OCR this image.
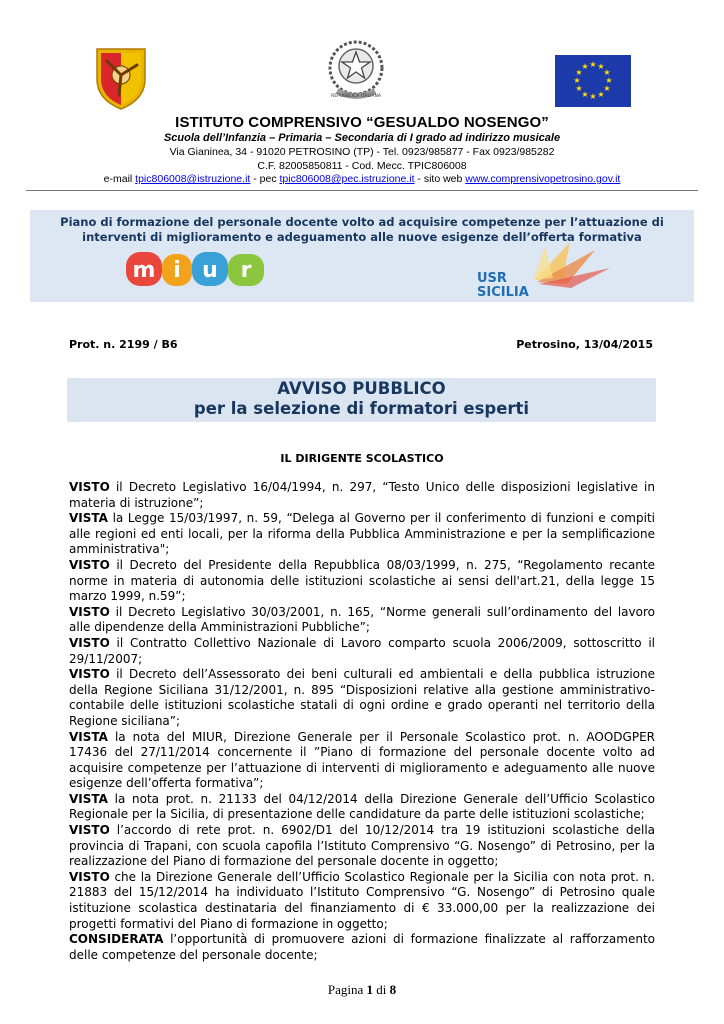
REPUBBLICA ITALIANA
★ ★
★
★
★
★
★
★
★
★
★
★
ISTITUTO COMPRENSIVO “GESUALDO NOSENGO”
Scuola dell’Infanzia – Primaria – Secondaria di I grado ad indirizzo musicale
Via Gianinea, 34 - 91020 PETROSINO (TP) - Tel. 0923/985877 - Fax 0923/985282
C.F. 82005850811 - Cod. Mecc. TPIC806008
e-mail tpic806008@istruzione.it - pec tpic806008@pec.istruzione.it - sito web www.comprensivopetrosino.gov.it
Piano di formazione del personale docente volto ad acquisire competenze per l’attuazione di
interventi di miglioramento e adeguamento alle nuove esigenze dell’offerta formativa
m i u r	USR
SICILIA
Prot. n. 2199 / B6	Petrosino, 13/04/2015
AVVISO PUBBLICO
per la selezione di formatori esperti
IL DIRIGENTE SCOLASTICO

VISTO il Decreto Legislativo 16/04/1994, n. 297, “Testo Unico delle disposizioni legislative in materia di istruzione”;

VISTA la Legge 15/03/1997, n. 59, “Delega al Governo per il conferimento di funzioni e compiti alle regioni ed enti locali, per la riforma della Pubblica Amministrazione e per la semplificazione amministrativa";

VISTO il Decreto del Presidente della Repubblica 08/03/1999, n. 275, “Regolamento recante norme in materia di autonomia delle istituzioni scolastiche ai sensi dell'art.21, della legge 15 marzo 1999, n.59”;

VISTO il Decreto Legislativo 30/03/2001, n. 165, “Norme generali sull’ordinamento del lavoro alle dipendenze della Amministrazioni Pubbliche”;

VISTO il Contratto Collettivo Nazionale di Lavoro comparto scuola 2006/2009, sottoscritto il 29/11/2007;

VISTO il Decreto dell’Assessorato dei beni culturali ed ambientali e della pubblica istruzione della Regione Siciliana 31/12/2001, n. 895 “Disposizioni relative alla gestione amministrativo-contabile delle istituzioni scolastiche statali di ogni ordine e grado operanti nel territorio della Regione siciliana”;

VISTA la nota del MIUR, Direzione Generale per il Personale Scolastico prot. n. AOODGPER 17436 del 27/11/2014 concernente il ”Piano di formazione del personale docente volto ad acquisire competenze per l’attuazione di interventi di miglioramento e adeguamento alle nuove esigenze dell’offerta formativa”;

VISTA la nota prot. n. 21133 del 04/12/2014 della Direzione Generale dell’Ufficio Scolastico Regionale per la Sicilia, di presentazione delle candidature da parte delle istituzioni scolastiche;

VISTO l’accordo di rete prot. n. 6902/D1 del 10/12/2014 tra 19 istituzioni scolastiche della provincia di Trapani, con scuola capofila l’Istituto Comprensivo “G. Nosengo” di Petrosino, per la realizzazione del Piano di formazione del personale docente in oggetto;

VISTO che la Direzione Generale dell’Ufficio Scolastico Regionale per la Sicilia con nota prot. n. 21883 del 15/12/2014 ha individuato l’Istituto Comprensivo “G. Nosengo” di Petrosino quale istituzione scolastica destinataria del finanziamento di € 33.000,00 per la realizzazione dei progetti formativi del Piano di formazione in oggetto;

CONSIDERATA l’opportunità di promuovere azioni di formazione finalizzate al rafforzamento delle competenze del personale docente;

Pagina 1 di 8
